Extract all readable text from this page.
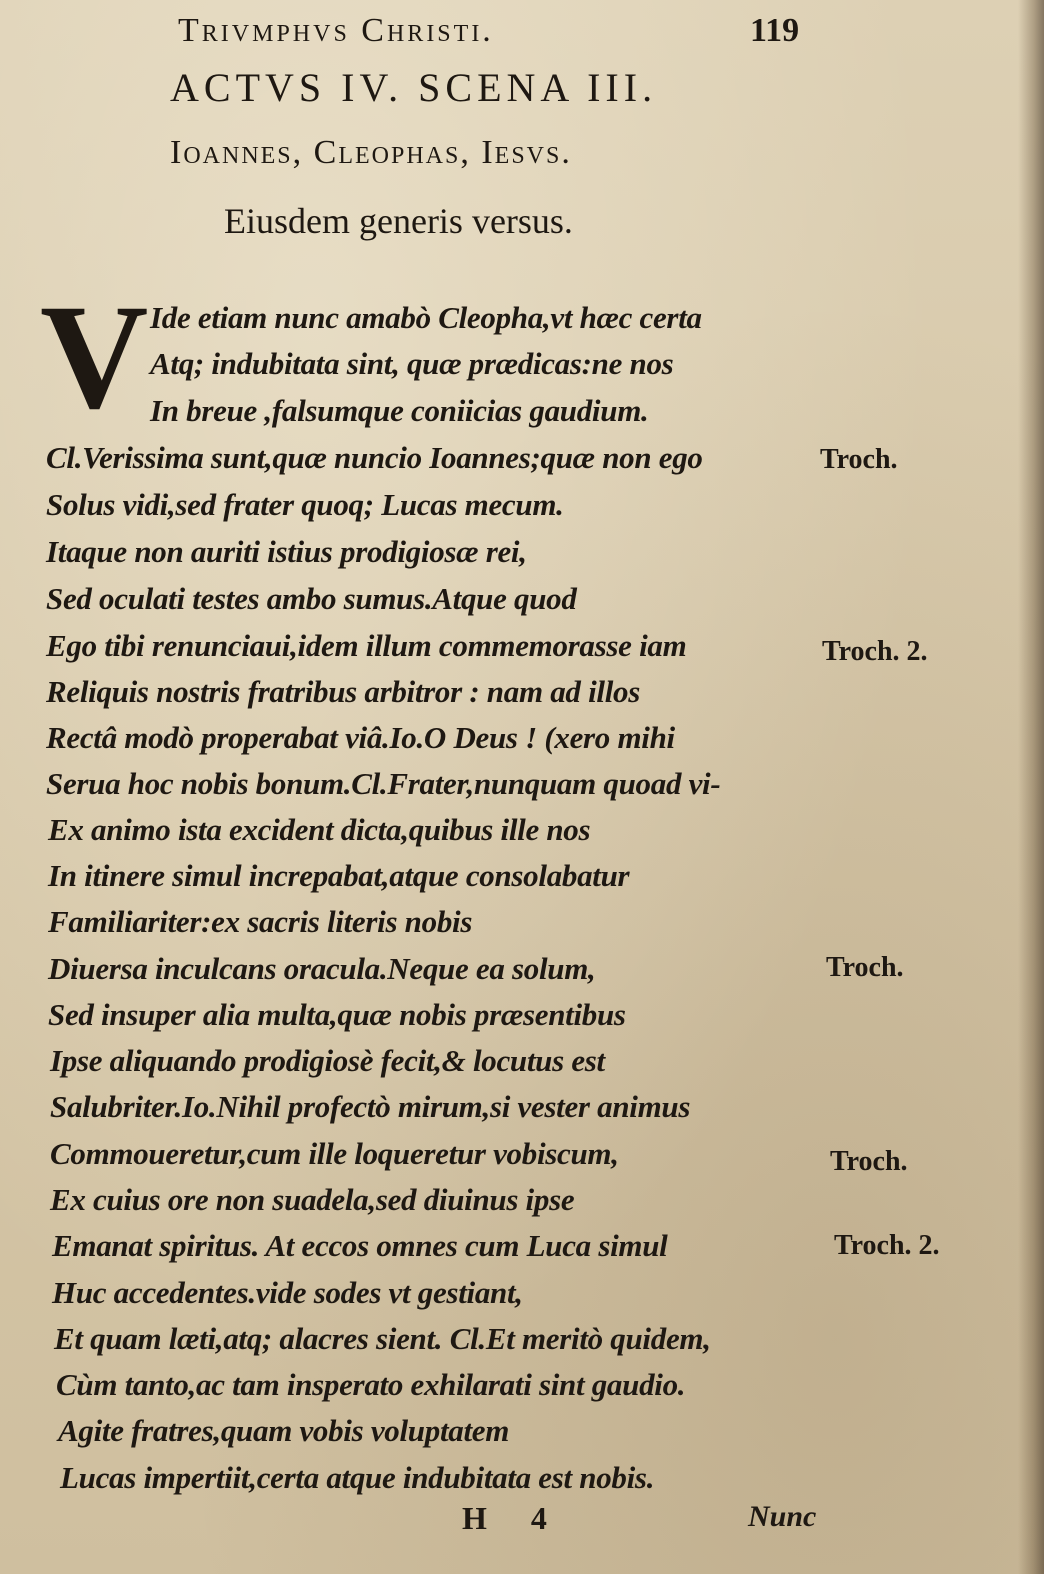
Trivmphvs Christi.	119
ACTVS IV. SCENA III.
Ioannes, Cleophas, Iesvs.
Eiusdem generis versus.
V Ide etiam nunc amabò Cleopha,vt hæc certa
Atq; indubitata sint, quæ prædicas:ne nos
In breue ,falsumque coniicias gaudium.
Cl.Verissima sunt,quæ nuncio Ioannes;quæ non ego
Solus vidi,sed frater quoq; Lucas mecum.
Itaque non auriti istius prodigiosæ rei,
Sed oculati testes ambo sumus.Atque quod
Ego tibi renunciaui,idem illum commemorasse iam
Reliquis nostris fratribus arbitror : nam ad illos
Rectâ modò properabat viâ.Io.O Deus ! (xero mihi
Serua hoc nobis bonum.Cl.Frater,nunquam quoad vi-
Ex animo ista excident dicta,quibus ille nos
In itinere simul increpabat,atque consolabatur
Familiariter:ex sacris literis nobis
Diuersa inculcans oracula.Neque ea solum,
Sed insuper alia multa,quæ nobis præsentibus
Ipse aliquando prodigiosè fecit,& locutus est
Salubriter.Io.Nihil profectò mirum,si vester animus
Commoueretur,cum ille loqueretur vobiscum,
Ex cuius ore non suadela,sed diuinus ipse
Emanat spiritus. At eccos omnes cum Luca simul
Huc accedentes.vide sodes vt gestiant,
Et quam læti,atq; alacres sient. Cl.Et meritò quidem,
Cùm tanto,ac tam insperato exhilarati sint gaudio.
Agite fratres,quam vobis voluptatem
Lucas impertiit,certa atque indubitata est nobis.
Troch.
Troch. 2.
Troch.
Troch.
Troch. 2.
H 4	Nunc
